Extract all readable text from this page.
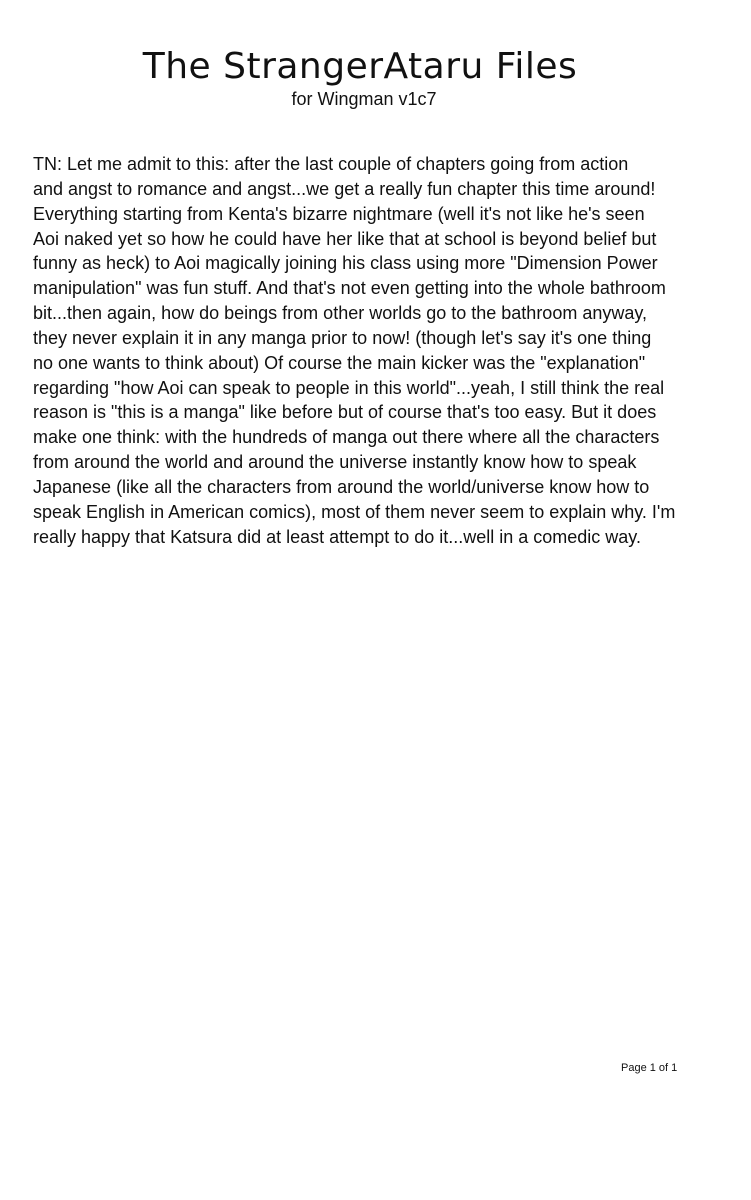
The StrangerAtaru Files
for Wingman v1c7
TN: Let me admit to this: after the last couple of chapters going from action
and angst to romance and angst...we get a really fun chapter this time around!
Everything starting from Kenta's bizarre nightmare (well it's not like he's seen
Aoi naked yet so how he could have her like that at school is beyond belief but
funny as heck) to Aoi magically joining his class using more "Dimension Power
manipulation" was fun stuff. And that's not even getting into the whole bathroom
bit...then again, how do beings from other worlds go to the bathroom anyway,
they never explain it in any manga prior to now! (though let's say it's one thing
no one wants to think about) Of course the main kicker was the "explanation"
regarding "how Aoi can speak to people in this world"...yeah, I still think the real
reason is "this is a manga" like before but of course that's too easy. But it does
make one think: with the hundreds of manga out there where all the characters
from around the world and around the universe instantly know how to speak
Japanese (like all the characters from around the world/universe know how to
speak English in American comics), most of them never seem to explain why. I'm
really happy that Katsura did at least attempt to do it...well in a comedic way.
Page 1 of 1
